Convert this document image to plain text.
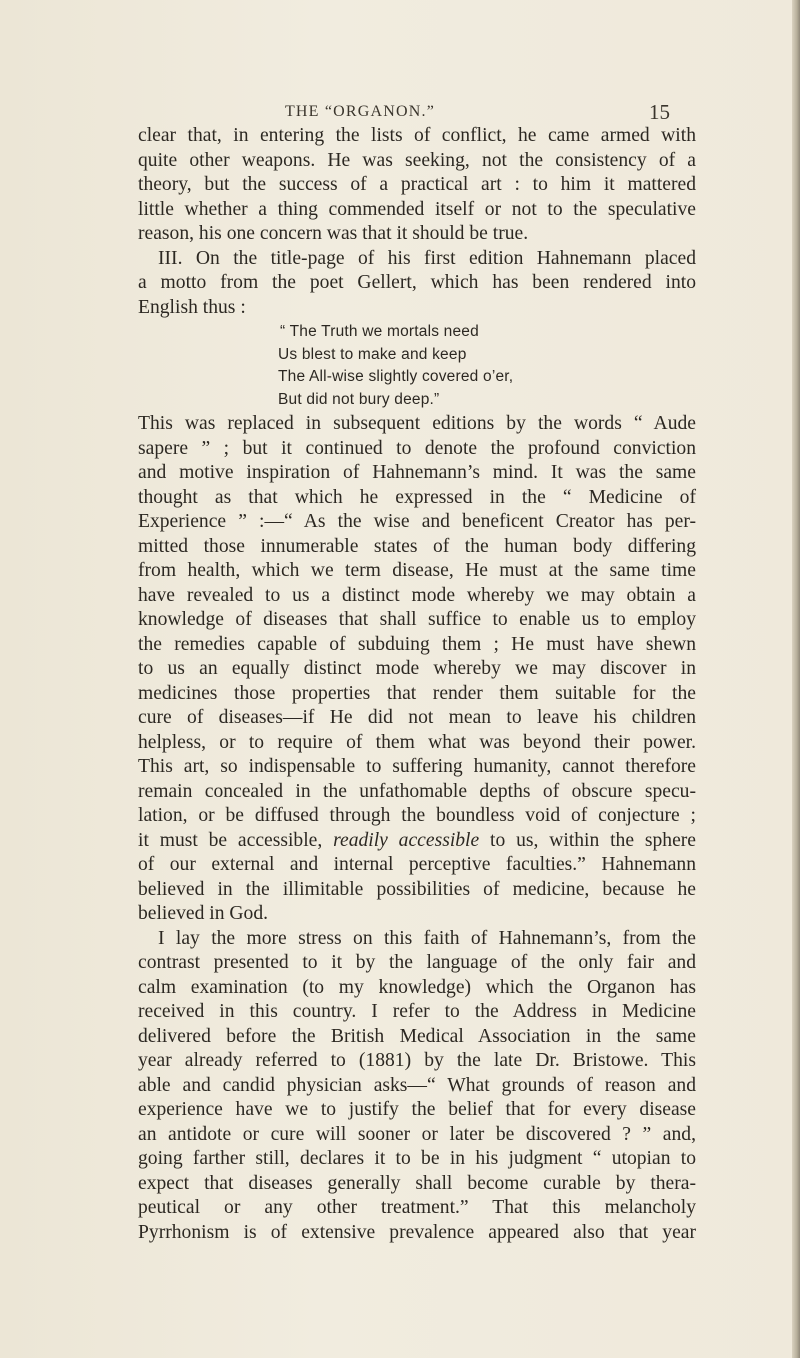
THE “ORGANON.”	15
clear that, in entering the lists of conflict, he came armed with
quite other weapons. He was seeking, not the consistency of a
theory, but the success of a practical art : to him it mattered
little whether a thing commended itself or not to the speculative
reason, his one concern was that it should be true.
III. On the title-page of his first edition Hahnemann placed
a motto from the poet Gellert, which has been rendered into
English thus :
“ The Truth we mortals need
Us blest to make and keep
The All-wise slightly covered o’er,
But did not bury deep.”
This was replaced in subsequent editions by the words “ Aude
sapere ” ; but it continued to denote the profound conviction
and motive inspiration of Hahnemann’s mind. It was the same
thought as that which he expressed in the “ Medicine of
Experience ” :—“ As the wise and beneficent Creator has per-
mitted those innumerable states of the human body differing
from health, which we term disease, He must at the same time
have revealed to us a distinct mode whereby we may obtain a
knowledge of diseases that shall suffice to enable us to employ
the remedies capable of subduing them ; He must have shewn
to us an equally distinct mode whereby we may discover in
medicines those properties that render them suitable for the
cure of diseases—if He did not mean to leave his children
helpless, or to require of them what was beyond their power.
This art, so indispensable to suffering humanity, cannot therefore
remain concealed in the unfathomable depths of obscure specu-
lation, or be diffused through the boundless void of conjecture ;
it must be accessible, readily accessible to us, within the sphere
of our external and internal perceptive faculties.” Hahnemann
believed in the illimitable possibilities of medicine, because he
believed in God.
I lay the more stress on this faith of Hahnemann’s, from the
contrast presented to it by the language of the only fair and
calm examination (to my knowledge) which the Organon has
received in this country. I refer to the Address in Medicine
delivered before the British Medical Association in the same
year already referred to (1881) by the late Dr. Bristowe. This
able and candid physician asks—“ What grounds of reason and
experience have we to justify the belief that for every disease
an antidote or cure will sooner or later be discovered ? ” and,
going farther still, declares it to be in his judgment “ utopian to
expect that diseases generally shall become curable by thera-
peutical or any other treatment.” That this melancholy
Pyrrhonism is of extensive prevalence appeared also that year
